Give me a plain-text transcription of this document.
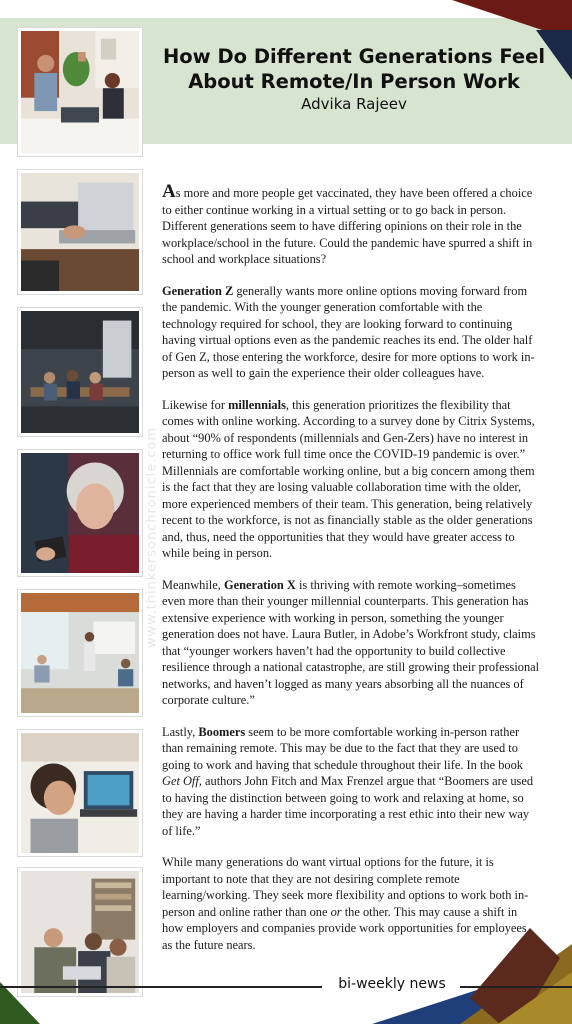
How Do Different Generations Feel
About Remote/In Person Work
Advika Rajeev
www.thinkersonchronicle.com

As more and more people get vaccinated, they have been offered a choice to either continue working in a virtual setting or to go back in person. Different generations seem to have differing opinions on their role in the workplace/school in the future. Could the pandemic have spurred a shift in school and workplace situations?

Generation Z generally wants more online options moving forward from the pandemic. With the younger generation comfortable with the technology required for school, they are looking forward to continuing having virtual options even as the pandemic reaches its end. The older half of Gen Z, those entering the workforce, desire for more options to work in-person as well to gain the experience their older colleagues have.

Likewise for millennials, this generation prioritizes the flexibility that comes with online working. According to a survey done by Citrix Systems, about “90% of respondents (millennials and Gen-Zers) have no interest in returning to office work full time once the COVID-19 pandemic is over.” Millennials are comfortable working online, but a big concern among them is the fact that they are losing valuable collaboration time with the older, more experienced members of their team. This generation, being relatively recent to the workforce, is not as financially stable as the older generations and, thus, need the opportunities that they would have greater access to while being in person.

Meanwhile, Generation X is thriving with remote working–sometimes even more than their younger millennial counterparts. This generation has extensive experience with working in person, something the younger generation does not have. Laura Butler, in Adobe’s Workfront study, claims that “younger workers haven’t had the opportunity to build collective resilience through a national catastrophe, are still growing their professional networks, and haven’t logged as many years absorbing all the nuances of corporate culture.”

Lastly, Boomers seem to be more comfortable working in-person rather than remaining remote. This may be due to the fact that they are used to going to work and having that schedule throughout their life. In the book Get Off, authors John Fitch and Max Frenzel argue that “Boomers are used to having the distinction between going to work and relaxing at home, so they are having a harder time incorporating a rest ethic into their new way of life.”

While many generations do want virtual options for the future, it is important to note that they are not desiring complete remote learning/working. They seek more flexibility and options to work both in-person and online rather than one or the other. This may cause a shift in how employers and companies provide work opportunities for employees as the future nears.

bi-weekly news
